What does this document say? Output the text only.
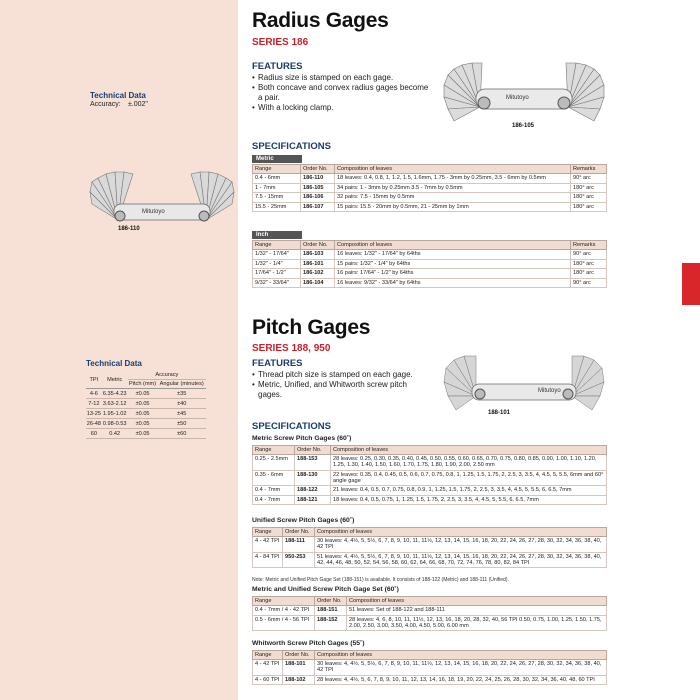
Technical Data
Accuracy: ±.002"
Mitutoyo
186-110
Radius Gages
SERIES 186
FEATURES
• Radius size is stamped on each gage.
• Both concave and convex radius gages become a pair.
• With a locking clamp.
Mitutoyo
186-105
SPECIFICATIONS
Metric
Range	Order No.	Composition of leaves	Remarks
0.4 - 6mm	186-110	18 leaves: 0.4, 0.8, 1, 1.2, 1.5, 1.6mm, 1.75 - 3mm by 0.25mm, 3.5 - 6mm by 0.5mm	90° arc
1 - 7mm	186-105	34 pairs: 1 - 3mm by 0.25mm 3.5 - 7mm by 0.5mm	180° arc
7.5 - 15mm	186-106	32 pairs: 7.5 - 15mm by 0.5mm	180° arc
15.5 - 25mm	186-107	15 pairs: 15.5 - 20mm by 0.5mm, 21 - 25mm by 1mm	180° arc
Inch
Range	Order No.	Composition of leaves	Remarks
1/32" - 17/64"	186-103	16 leaves: 1/32" - 17/64" by 64ths	90° arc
1/32" - 1/4"	186-101	15 pairs: 1/32" - 1/4" by 64ths	180° arc
17/64" - 1/2"	186-102	16 pairs: 17/64" - 1/2" by 64ths	180° arc
9/32" - 33/64"	186-104	16 leaves: 9/32" - 33/64" by 64ths	90° arc
Pitch Gages
SERIES 188, 950
FEATURES
• Thread pitch size is stamped on each gage.
• Metric, Unified, and Whitworth screw pitch gages.	Mitutoyo
188-101
SPECIFICATIONS
Technical Data
TPI	Metric	Accuracy	
		Pitch (mm)	Angular (minutes)
4-6	6.35-4.23	±0.05	±35
7-12	3.63-2.12	±0.05	±40
13-25	1.95-1.02	±0.05	±45
26-48	0.98-0.53	±0.05	±50
60	0.42	±0.05	±60
Metric Screw Pitch Gages (60˚)
Range	Order No.	Composition of leaves
0.25 - 2.5mm	188-153	28 leaves: 0.25, 0.30, 0.35, 0.40, 0.45, 0.50, 0.55, 0.60, 0.65, 0.70, 0.75, 0.80, 0.85, 0.90, 1.00, 1.10, 1.20, 1.25, 1.30, 1.40, 1.50, 1.60, 1.70, 1.75, 1.80, 1.90, 2.00, 2.50 mm
0.35 - 6mm	188-130	22 leaves: 0.35, 0.4, 0.45, 0.5, 0.6, 0.7, 0.75, 0.8, 1, 1.25, 1.5, 1.75, 2, 2.5, 3, 3.5, 4, 4.5, 5, 5.5, 6mm and 60° angle gage
0.4 - 7mm	188-122	21 leaves: 0.4, 0.5, 0.7, 0.75, 0.8, 0.9, 1, 1.25, 1.5, 1.75, 2, 2.5, 3, 3.5, 4, 4.5, 5, 5.5, 6, 6.5, 7mm
0.4 - 7mm	188-121	18 leaves: 0.4, 0.5, 0.75, 1, 1.25, 1.5, 1.75, 2, 2.5, 3, 3.5, 4, 4.5, 5, 5.5, 6, 6.5, 7mm
Unified Screw Pitch Gages (60˚)
Range	Order No.	Composition of leaves
4 - 42 TPI	188-111	30 leaves: 4, 4½, 5, 5½, 6, 7, 8, 9, 10, 11, 11½, 12, 13, 14, 15, 16, 18, 20, 22, 24, 26, 27, 28, 30, 32, 34, 36, 38, 40, 42 TPI
4 - 84 TPI	950-253	51 leaves: 4, 4½, 5, 5½, 6, 7, 8, 9, 10, 11, 11½, 12, 13, 14, 15, 16, 18, 20, 22, 24, 26, 27, 28, 30, 32, 34, 36, 38, 40, 42, 44, 46, 48, 50, 52, 54, 56, 58, 60, 62, 64, 66, 68, 70, 72, 74, 76, 78, 80, 82, 84 TPI
Note: Metric and Unified Pitch Gage Set (188-151) is available. It consists of 188-122 (Metric) and 188-111 (Unified).
Metric and Unified Screw Pitch Gage Set (60˚)
Range	Order No.	Composition of leaves
0.4 - 7mm / 4 - 42 TPI	188-151	51 leaves: Set of 188-122 and 188-111
0.5 - 6mm / 4 - 56 TPI	188-152	28 leaves: 4, 6, 8, 10, 11, 11½, 12, 13, 16, 18, 20, 28, 32, 40, 56 TPI 0.50, 0.75, 1.00, 1.25, 1.50, 1.75, 2.00, 2.50, 3.00, 3.50, 4.00, 4.50, 5.00, 6.00 mm
Whitworth Screw Pitch Gages (55˚)
Range	Order No.	Composition of leaves
4 - 42 TPI	188-101	30 leaves: 4, 4½, 5, 5½, 6, 7, 8, 9, 10, 11, 11½, 12, 13, 14, 15, 16, 18, 20, 22, 24, 26, 27, 28, 30, 32, 34, 36, 38, 40, 42 TPI
4 - 60 TPI	188-102	28 leaves: 4, 4½, 5, 6, 7, 8, 9, 10, 11, 12, 13, 14, 16, 18, 19, 20, 22, 24, 25, 26, 28, 30, 32, 34, 36, 40, 48, 60 TPI
